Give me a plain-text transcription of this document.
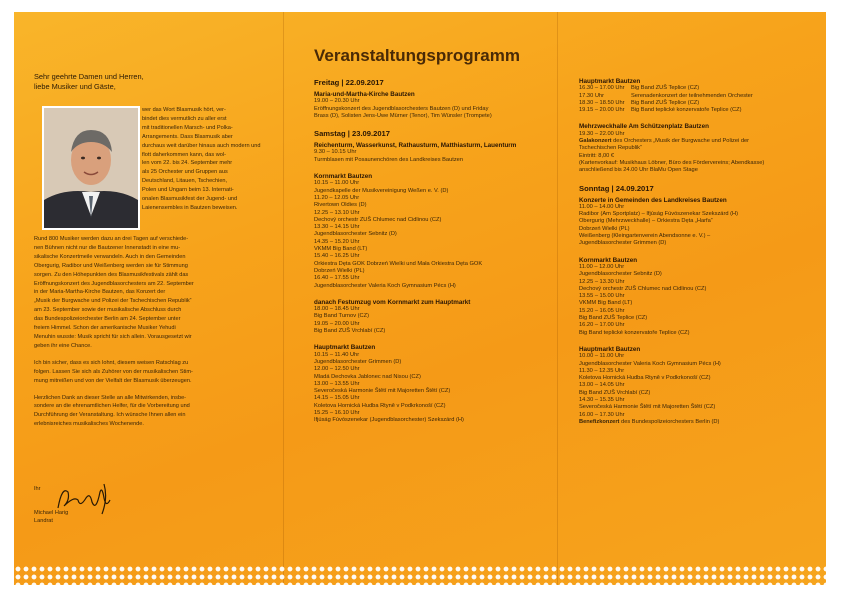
Sehr geehrte Damen und Herren,
liebe Musiker und Gäste,
wer das Wort Blasmusik hört, ver-
bindet dies vermutlich zu aller erst
mit traditionellen Marsch- und Polka-
Arrangements. Dass Blasmusik aber
durchaus weit darüber hinaus auch modern und
flott daherkommen kann, das wol-
len vom 22. bis 24. September mehr
als 25 Orchester und Gruppen aus
Deutschland, Litauen, Tschechien,
Polen und Ungarn beim 13. Internati-
onalen Blasmusikfest der Jugend- und
Laienensembles in Bautzen beweisen.
Rund 800 Musiker werden dazu an drei Tagen auf verschiede-
nen Bühnen nicht nur die Bautzener Innenstadt in eine mu-
sikalische Konzertmeile verwandeln. Auch in den Gemeinden
Obergurig, Radibor und Weißenberg werden sie für Stimmung
sorgen. Zu den Höhepunkten des Blasmusikfestivals zählt das
Eröffnungskonzert des Jugendblasorchesters am 22. September
in der Maria-Martha-Kirche Bautzen, das Konzert der
„Musik der Burgwache und Polizei der Tschechischen Republik“
am 23. September sowie der musikalische Abschluss durch
das Bundespolizeiorchester Berlin am 24. September unter
freiem Himmel. Schon der amerikanische Musiker Yehudi
Menuhin wusste: Musik spricht für sich allein. Vorausgesetzt wir
geben ihr eine Chance.
Ich bin sicher, dass es sich lohnt, diesem weisen Ratschlag zu
folgen. Lassen Sie sich als Zuhörer von der musikalischen Stim-
mung mitreißen und von der Vielfalt der Blasmusik überzeugen.
Herzlichen Dank an dieser Stelle an alle Mitwirkenden, insbe-
sondere an die ehrenamtlichen Helfer, für die Vorbereitung und
Durchführung der Veranstaltung. Ich wünsche Ihnen allen ein
erlebnisreiches musikalisches Wochenende.
Ihr
Michael Harig
Landrat
Veranstaltungsprogramm
Freitag | 22.09.2017
Maria-und-Martha-Kirche Bautzen
19.00 – 20.30 Uhr
Eröffnungskonzert des Jugendblasorchesters Bautzen (D) und Friday
Brass (D), Solisten Jens-Uwe Mürner (Tenor), Tim Wünsler (Trompete)
Samstag | 23.09.2017
Reichenturm, Wasserkunst, Rathausturm, Matthiasturm, Lauenturm
9.30 – 10.15 Uhr
Turmblasen mit Posaunenchören des Landkreises Bautzen
Kornmarkt Bautzen
10.15 – 11.00 Uhr
Jugendkapelle der Musikvereinigung Weßen e. V. (D)
11.20 – 12.05 Uhr
Rivertown Oldies (D)
12.25 – 13.10 Uhr
Dechový orchestr ZUŠ Chlumec nad Cidlinou (CZ)
13.30 – 14.15 Uhr
Jugendblasorchester Sebnitz (D)
14.35 – 15.20 Uhr
VKMM Big Band (LT)
15.40 – 16.25 Uhr
Orkiestra Dęta GOK Dobrzeń Wielki und Mała Orkiestra Dęta GOK
Dobrzeń Wielki (PL)
16.40 – 17.55 Uhr
Jugendblasorchester Valeria Koch Gymnasium Pécs (H)
danach Festumzug vom Kornmarkt zum Hauptmarkt
18.00 – 18.45 Uhr
Big Band Turnov (CZ)
19.05 – 20.00 Uhr
Big Band ZUŠ Vrchlabí (CZ)
Hauptmarkt Bautzen
10.15 – 11.40 Uhr
Jugendblasorchester Grimmen (D)
12.00 – 12.50 Uhr
Mladá Dechovka Jablonec nad Nisou (CZ)
13.00 – 13.55 Uhr
Severočeská Harmonie Štětí mit Majoretten Štětí (CZ)
14.15 – 15.05 Uhr
Koletova Hornická Hudba Rtyně v Podkrkonoší (CZ)
15.25 – 16.10 Uhr
Ifjúság Fúvószenekar (Jugendblasorchester) Szekszárd (H)
Hauptmarkt Bautzen
16.30 – 17.00 Uhr	Big Band ZUŠ Teplice (CZ)
17.30 Uhr	Serenadenkonzert der teilnehmenden Orchester
18.30 – 18.50 Uhr	Big Band ZUŠ Teplice (CZ)
19.15 – 20.00 Uhr	Big Band teplické konzervatoře Teplice (CZ)
Mehrzweckhalle Am Schützenplatz Bautzen
19.30 – 22.00 Uhr
Galakonzert des Orchesters „Musik der Burgwache und Polizei der
Tschechischen Republik“
Eintritt: 8,00 €
(Kartenvorkauf: Musikhaus Löbner, Büro des Fördervereins; Abendkasse)
anschließend bis 24.00 Uhr BlaMu Open Stage
Sonntag | 24.09.2017
Konzerte in Gemeinden des Landkreises Bautzen
11.00 – 14.00 Uhr
Radibor (Am Sportplatz) – Ifjúság Fúvószenekar Szekszárd (H)
Obergurig (Mehrzweckhalle) – Orkiestra Dęta „Harfa“
Dobrzeń Wielki (PL)
Weißenberg (Kleingartenverein Abendsonne e. V.) –
Jugendblasorchester Grimmen (D)
Kornmarkt Bautzen
11.00 – 12.00 Uhr
Jugendblasorchester Sebnitz (D)
12.25 – 13.30 Uhr
Dechový orchestr ZUŠ Chlumec nad Cidlinou (CZ)
13.55 – 15.00 Uhr
VKMM Big Band (LT)
15.20 – 16.05 Uhr
Big Band ZUŠ Teplice (CZ)
16.20 – 17.00 Uhr
Big Band teplické konzervatoře Teplice (CZ)
Hauptmarkt Bautzen
10.00 – 11.00 Uhr
Jugendblasorchester Valeria Koch Gymnasium Pécs (H)
11.30 – 12.35 Uhr
Koletova Hornická Hudba Rtyně v Podkrkonoší (CZ)
13.00 – 14.05 Uhr
Big Band ZUŠ Vrchlabí (CZ)
14.30 – 15.35 Uhr
Severočeská Harmonie Štětí mit Majoretten Štětí (CZ)
16.00 – 17.30 Uhr
Benefizkonzert des Bundespolizeiorchesters Berlin (D)
